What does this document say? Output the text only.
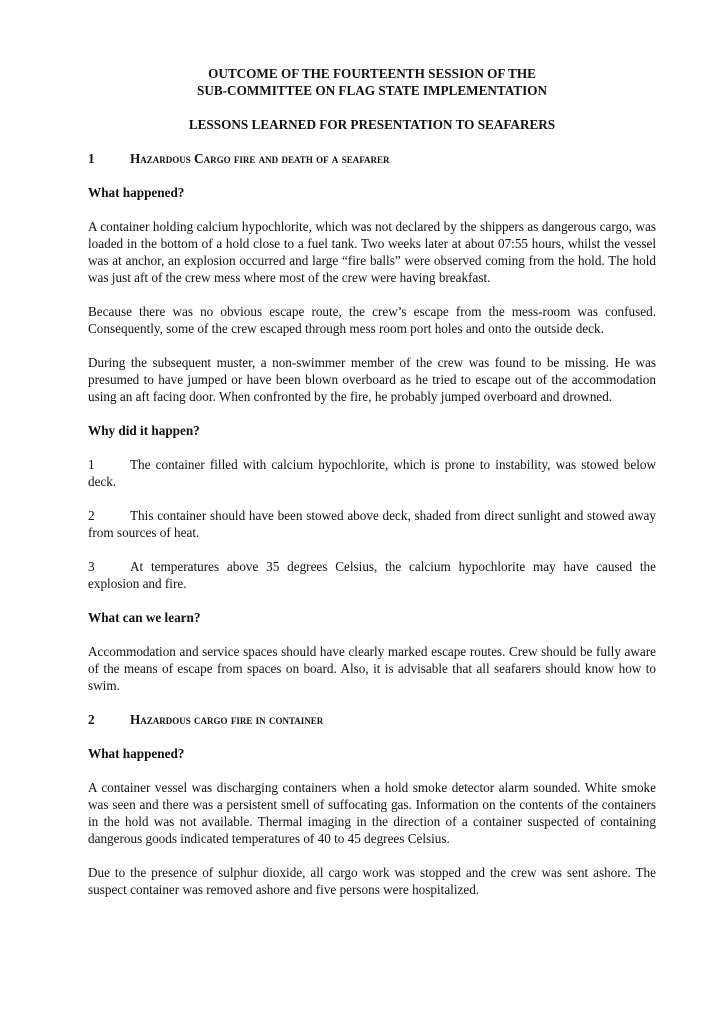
OUTCOME OF THE FOURTEENTH SESSION OF THE
SUB-COMMITTEE ON FLAG STATE IMPLEMENTATION
LESSONS LEARNED FOR PRESENTATION TO SEAFARERS
1	Hazardous Cargo fire and death of a seafarer
What happened?

A container holding calcium hypochlorite, which was not declared by the shippers as dangerous cargo, was loaded in the bottom of a hold close to a fuel tank. Two weeks later at about 07:55 hours, whilst the vessel was at anchor, an explosion occurred and large “fire balls” were observed coming from the hold. The hold was just aft of the crew mess where most of the crew were having breakfast.

Because there was no obvious escape route, the crew’s escape from the mess-room was confused. Consequently, some of the crew escaped through mess room port holes and onto the outside deck.

During the subsequent muster, a non-swimmer member of the crew was found to be missing. He was presumed to have jumped or have been blown overboard as he tried to escape out of the accommodation using an aft facing door. When confronted by the fire, he probably jumped overboard and drowned.

Why did it happen?

1	The container filled with calcium hypochlorite, which is prone to instability, was stowed below deck.

2	This container should have been stowed above deck, shaded from direct sunlight and stowed away from sources of heat.

3	At temperatures above 35 degrees Celsius, the calcium hypochlorite may have caused the explosion and fire.

What can we learn?

Accommodation and service spaces should have clearly marked escape routes. Crew should be fully aware of the means of escape from spaces on board. Also, it is advisable that all seafarers should know how to swim.

2	Hazardous cargo fire in container
What happened?

A container vessel was discharging containers when a hold smoke detector alarm sounded. White smoke was seen and there was a persistent smell of suffocating gas. Information on the contents of the containers in the hold was not available. Thermal imaging in the direction of a container suspected of containing dangerous goods indicated temperatures of 40 to 45 degrees Celsius.

Due to the presence of sulphur dioxide, all cargo work was stopped and the crew was sent ashore. The suspect container was removed ashore and five persons were hospitalized.
